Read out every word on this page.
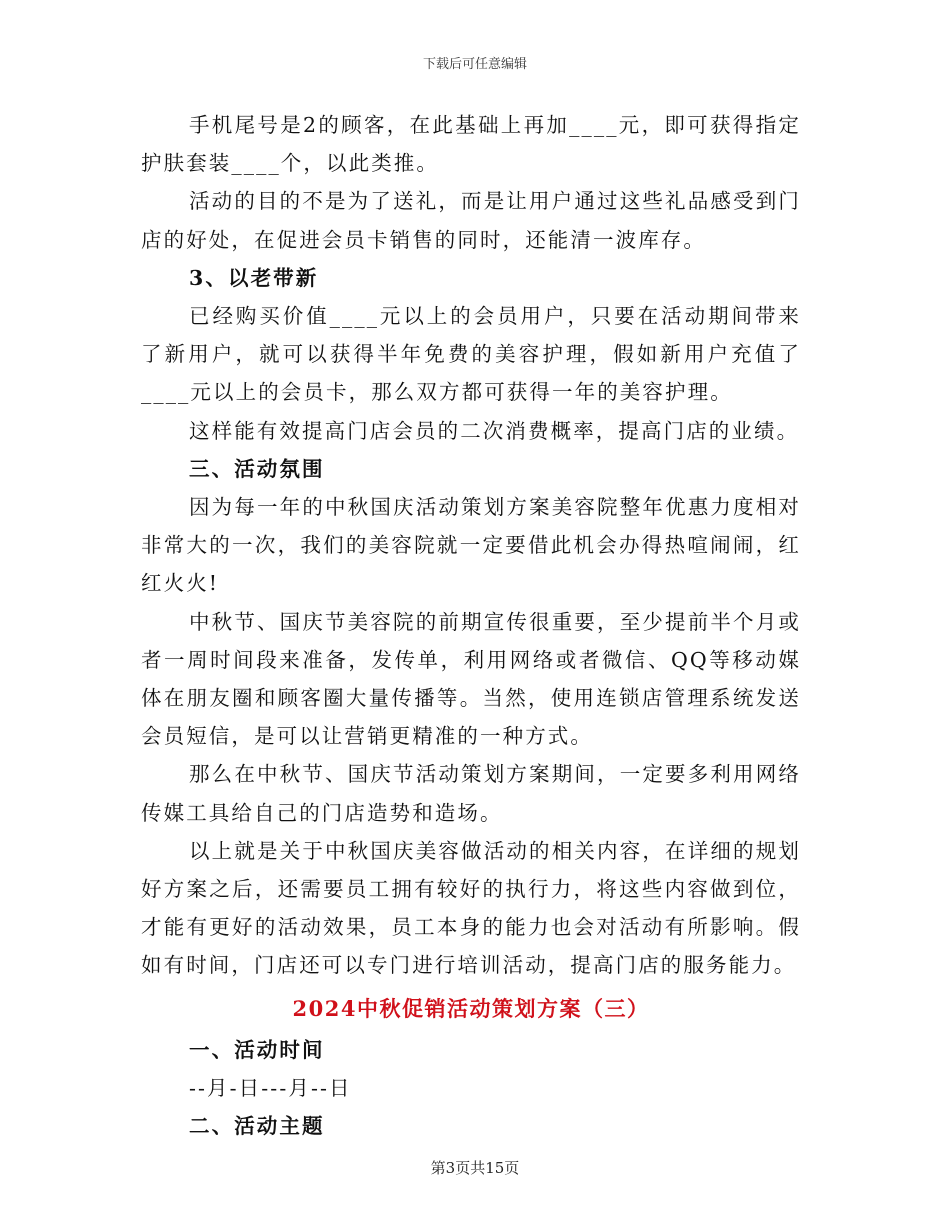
下载后可任意编辑

手机尾号是2的顾客，在此基础上再加____元，即可获得指定护肤套装____个，以此类推。

活动的目的不是为了送礼，而是让用户通过这些礼品感受到门店的好处，在促进会员卡销售的同时，还能清一波库存。

3、以老带新

已经购买价值____元以上的会员用户，只要在活动期间带来了新用户，就可以获得半年免费的美容护理，假如新用户充值了____元以上的会员卡，那么双方都可获得一年的美容护理。

这样能有效提高门店会员的二次消费概率，提高门店的业绩。

三、活动氛围

因为每一年的中秋国庆活动策划方案美容院整年优惠力度相对非常大的一次，我们的美容院就一定要借此机会办得热喧闹闹，红红火火!

中秋节、国庆节美容院的前期宣传很重要，至少提前半个月或者一周时间段来准备，发传单，利用网络或者微信、QQ等移动媒体在朋友圈和顾客圈大量传播等。当然，使用连锁店管理系统发送会员短信，是可以让营销更精准的一种方式。

那么在中秋节、国庆节活动策划方案期间，一定要多利用网络传媒工具给自己的门店造势和造场。

以上就是关于中秋国庆美容做活动的相关内容，在详细的规划好方案之后，还需要员工拥有较好的执行力，将这些内容做到位，才能有更好的活动效果，员工本身的能力也会对活动有所影响。假如有时间，门店还可以专门进行培训活动，提高门店的服务能力。

2024中秋促销活动策划方案（三）

一、活动时间

--月-日---月--日

二、活动主题

第3页共15页
